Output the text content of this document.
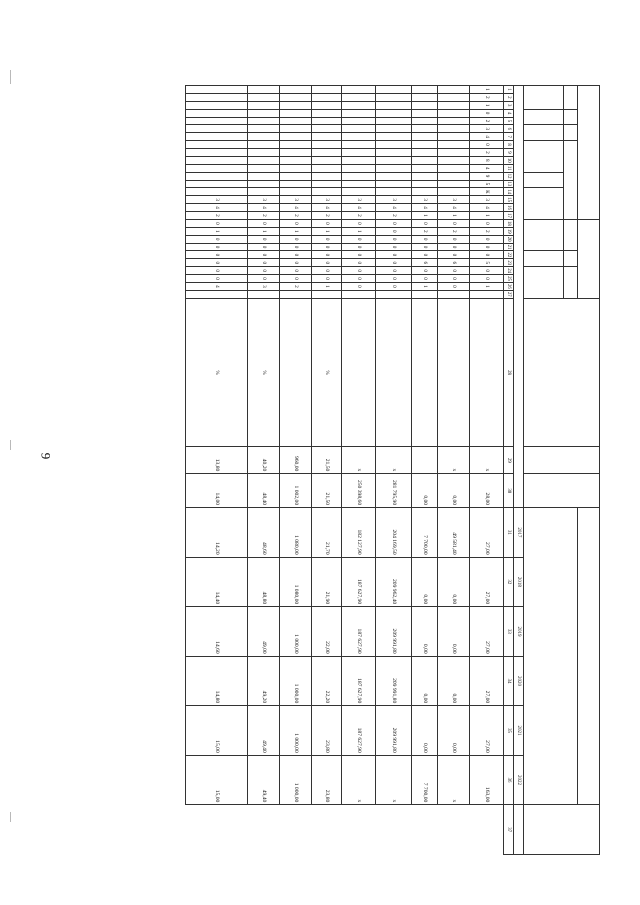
9

																														2017	2018	2019	2020	2021	2022	
1	2	3	4	5	6	7	8	9	10	11	12	13	14	15	16	17	18	19	20	21	22	23	24	25	26	27	28	29	30	31	32	33	34	35	36	37
1	2	1	0	2	3	4	0	2	8	4	9	5	К	3	4	1	0	2	0	0	0	5	0	0	1			х	28,00	27,00	27,00	27,00	27,00	27,00	163,00	
														3	4	1	0	2	0	0	0	6	0	0	0			х	0,00	49 581,40	0,00	0,00	0,00	0,00	х	
														3	4	1	0	2	0	0	0	6	0	0	1				0,00	7 700,00	0,00	0,00	0,00	0,00	7 700,00	
														3	4	2	0	0	0	0	0	0	0	0	0			х	281 795,90	204 169,50	209 962,40	209 991,80	209 991,80	209 991,80	х	
														3	4	2	0	1	0	0	0	0	0	0	0			х	250 398,60	182 127,90	187 627,90	187 627,90	187 627,90	187 627,90	х	
														3	4	2	0	1	0	0	0	0	0	0	1		%	21,50	21,50	21,70	21,90	22,00	22,20	23,80	23,80	
														3	4	2	0	1	0	0	0	0	0	0	2			960,00	1 002,00	1 080,00	1 080,00	1 000,00	1 000,00	1 000,00	1 000,00	
														3	4	2	0	1	0	0	0	0	0	0	3		%	40,20	48,40	48,60	48,80	49,00	49,20	49,40	49,40	
														3	4	2	0	1	0	0	0	0	0	0	4		%	13,80	14,00	14,20	14,40	14,60	14,80	15,00	15,00	
